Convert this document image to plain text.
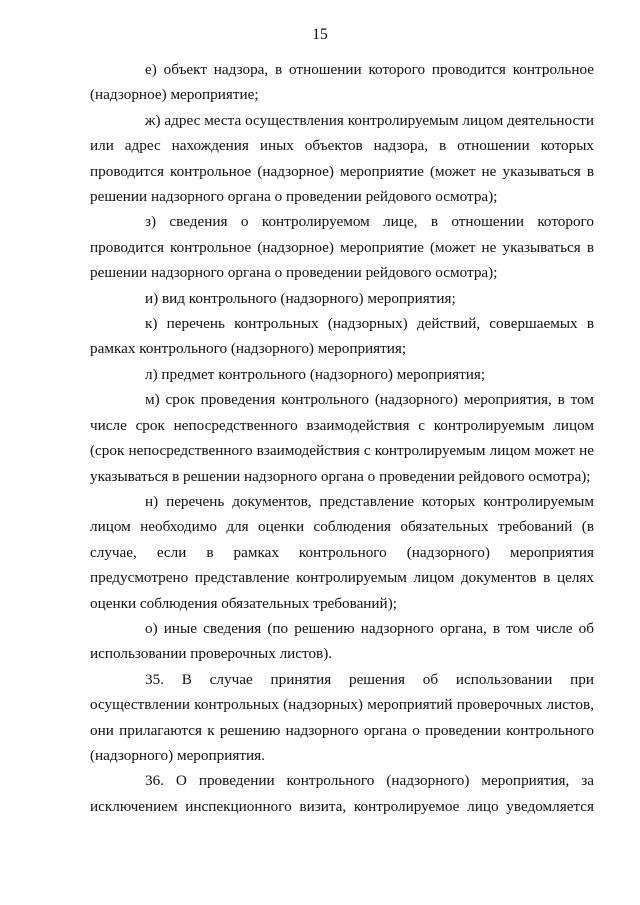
15

е) объект надзора, в отношении которого проводится контрольное (надзорное) мероприятие;

ж) адрес места осуществления контролируемым лицом деятельности или адрес нахождения иных объектов надзора, в отношении которых проводится контрольное (надзорное) мероприятие (может не указываться в решении надзорного органа о проведении рейдового осмотра);

з) сведения о контролируемом лице, в отношении которого проводится контрольное (надзорное) мероприятие (может не указываться в решении надзорного органа о проведении рейдового осмотра);

и) вид контрольного (надзорного) мероприятия;

к) перечень контрольных (надзорных) действий, совершаемых в рамках контрольного (надзорного) мероприятия;

л) предмет контрольного (надзорного) мероприятия;

м) срок проведения контрольного (надзорного) мероприятия, в том числе срок непосредственного взаимодействия с контролируемым лицом (срок непосредственного взаимодействия с контролируемым лицом может не указываться в решении надзорного органа о проведении рейдового осмотра);

н) перечень документов, представление которых контролируемым лицом необходимо для оценки соблюдения обязательных требований (в случае, если в рамках контрольного (надзорного) мероприятия предусмотрено представление контролируемым лицом документов в целях оценки соблюдения обязательных требований);

о) иные сведения (по решению надзорного органа, в том числе об использовании проверочных листов).

35. В случае принятия решения об использовании при осуществлении контрольных (надзорных) мероприятий проверочных листов, они прилагаются к решению надзорного органа о проведении контрольного (надзорного) мероприятия.

36. О проведении контрольного (надзорного) мероприятия, за исключением инспекционного визита, контролируемое лицо уведомляется
